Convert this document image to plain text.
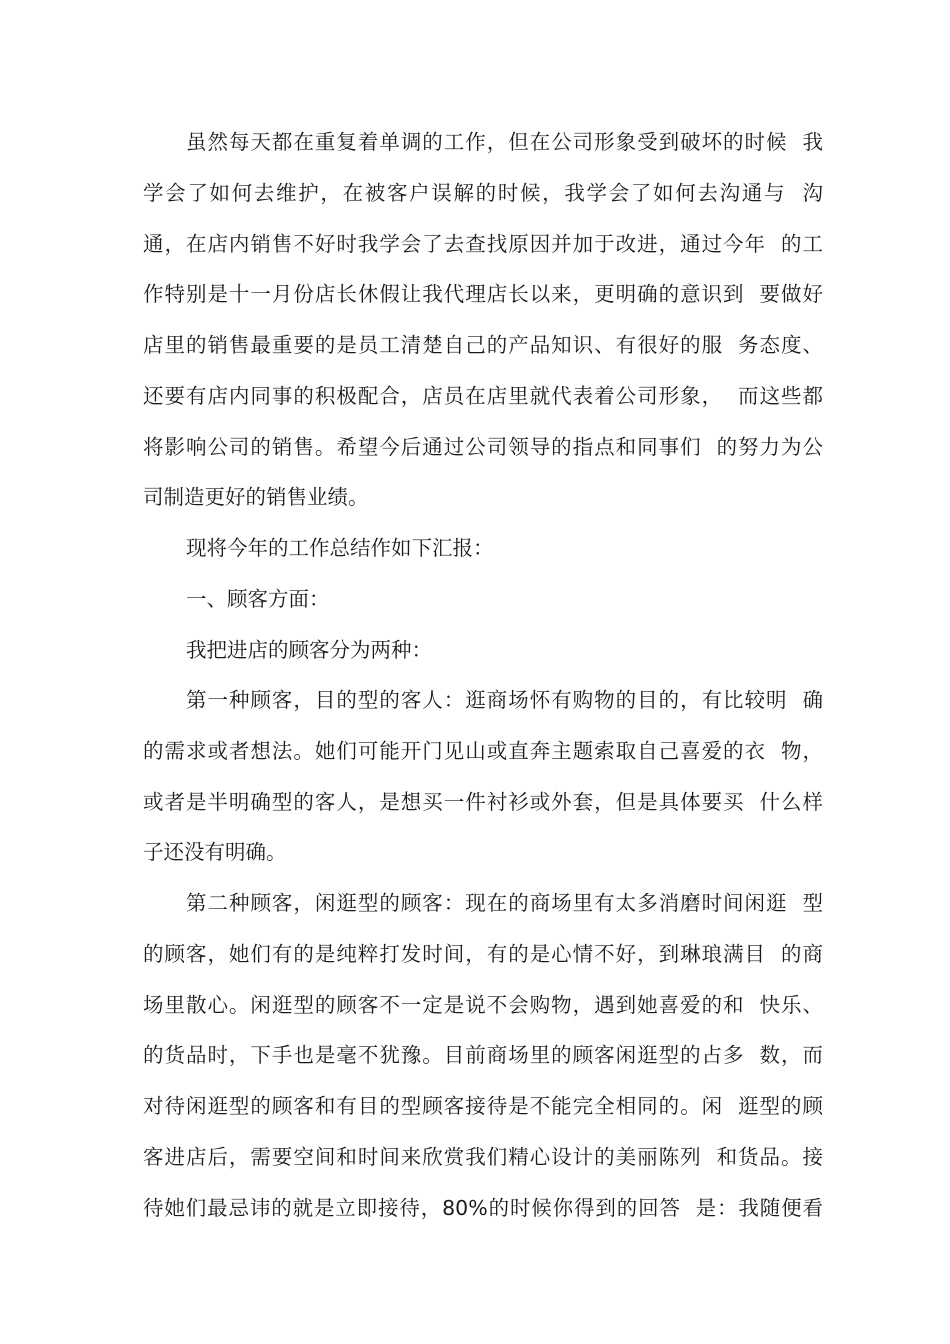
虽然每天都在重复着单调的工作，但在公司形象受到破坏的时候  我

学会了如何去维护，在被客户误解的时候，我学会了如何去沟通与  沟

通，在店内销售不好时我学会了去查找原因并加于改进，通过今年  的工

作特别是十一月份店长休假让我代理店长以来，更明确的意识到  要做好

店里的销售最重要的是员工清楚自己的产品知识、有很好的服  务态度、

还要有店内同事的积极配合，店员在店里就代表着公司形象，  而这些都

将影响公司的销售。希望今后通过公司领导的指点和同事们  的努力为公

司制造更好的销售业绩。

现将今年的工作总结作如下汇报：

一、顾客方面：

我把进店的顾客分为两种：

第一种顾客，目的型的客人：逛商场怀有购物的目的，有比较明  确

的需求或者想法。她们可能开门见山或直奔主题索取自己喜爱的衣  物，

或者是半明确型的客人，是想买一件衬衫或外套，但是具体要买  什么样

子还没有明确。

第二种顾客，闲逛型的顾客：现在的商场里有太多消磨时间闲逛  型

的顾客，她们有的是纯粹打发时间，有的是心情不好，到琳琅满目  的商

场里散心。闲逛型的顾客不一定是说不会购物，遇到她喜爱的和  快乐、

的货品时，下手也是毫不犹豫。目前商场里的顾客闲逛型的占多  数，而

对待闲逛型的顾客和有目的型顾客接待是不能完全相同的。闲  逛型的顾

客进店后，需要空间和时间来欣赏我们精心设计的美丽陈列  和货品。接

待她们最忌讳的就是立即接待，80%的时候你得到的回答  是：我随便看
